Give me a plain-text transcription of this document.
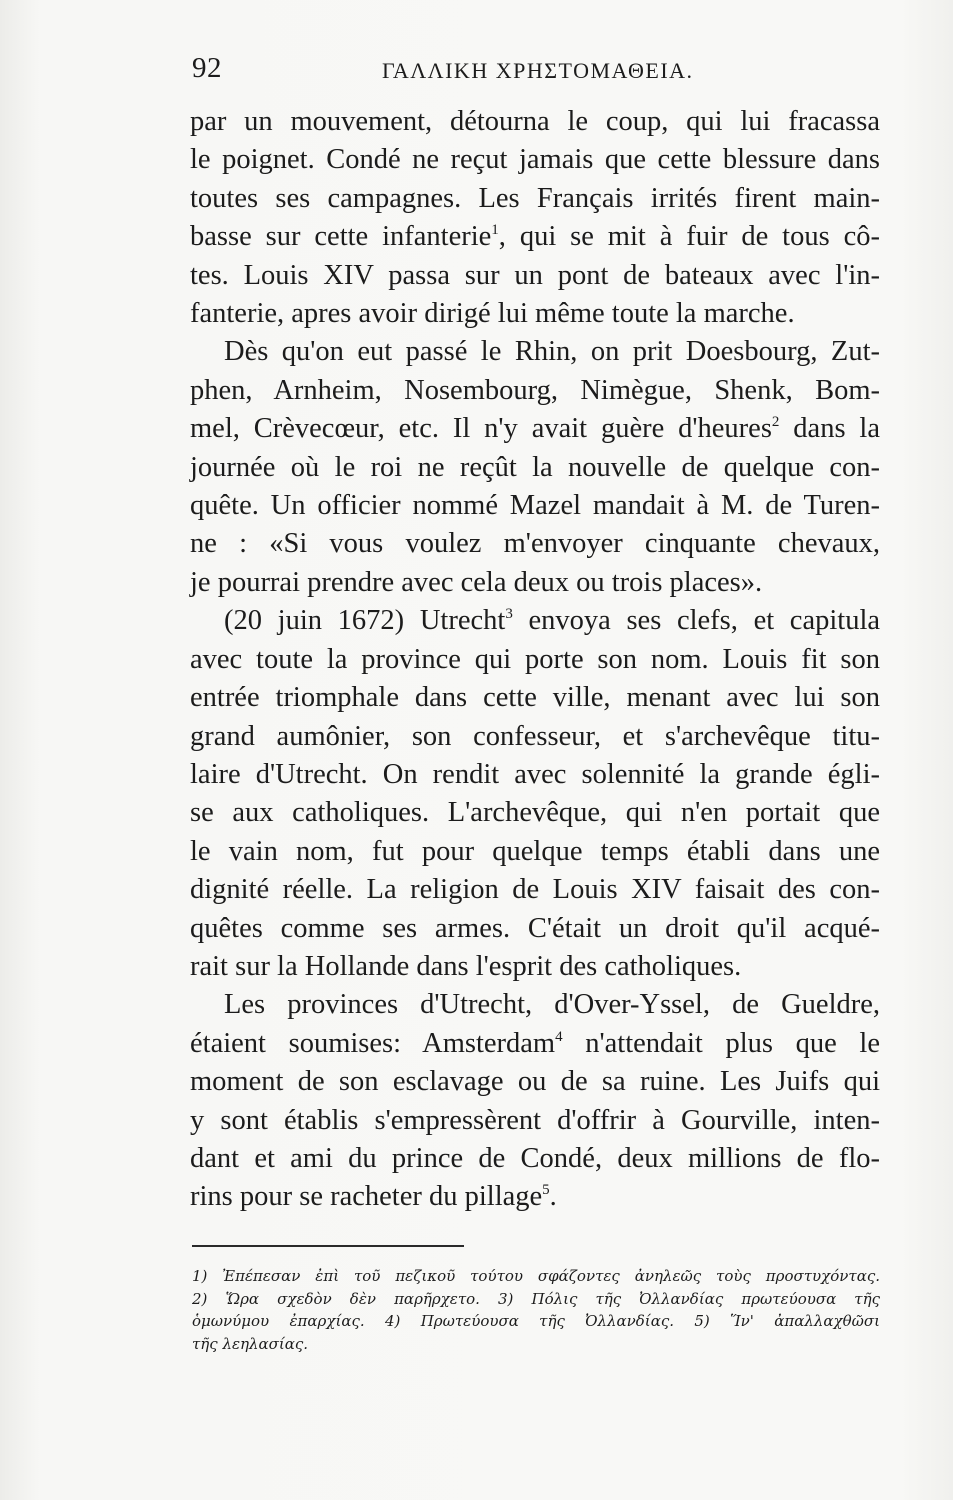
92	ΓΑΛΛΙΚΗ ΧΡΗΣΤΟΜΑΘΕΙΑ.

par un mouvement, détourna le coup, qui lui fracassa
le poignet. Condé ne reçut jamais que cette blessure dans
toutes ses campagnes. Les Français irrités firent main-
basse sur cette infanterie$^1$, qui se mit à fuir de tous cô-
tes. Louis XIV passa sur un pont de bateaux avec l'in-
fanterie, apres avoir dirigé lui même toute la marche.

Dès qu'on eut passé le Rhin, on prit Doesbourg, Zut-

phen, Arnheim, Nosembourg, Nimègue, Shenk, Bom-
mel, Crèvecœur, etc. Il n'y avait guère d'heures$^2$ dans la
journée où le roi ne reçût la nouvelle de quelque con-
quête. Un officier nommé Mazel mandait à M. de Turen-
ne : «Si vous voulez m'envoyer cinquante chevaux,
je pourrai prendre avec cela deux ou trois places».

(20 juin 1672) Utrecht$^3$ envoya ses clefs, et capitula

avec toute la province qui porte son nom. Louis fit son
entrée triomphale dans cette ville, menant avec lui son
grand aumônier, son confesseur, et s'archevêque titu-
laire d'Utrecht. On rendit avec solennité la grande égli-
se aux catholiques. L'archevêque, qui n'en portait que
le vain nom, fut pour quelque temps établi dans une
dignité réelle. La religion de Louis XIV faisait des con-
quêtes comme ses armes. C'était un droit qu'il acqué-
rait sur la Hollande dans l'esprit des catholiques.

Les provinces d'Utrecht, d'Over-Yssel, de Gueldre,

étaient soumises: Amsterdam$^4$ n'attendait plus que le
moment de son esclavage ou de sa ruine. Les Juifs qui
y sont établis s'empressèrent d'offrir à Gourville, inten-
dant et ami du prince de Condé, deux millions de flo-
rins pour se racheter du pillage$^5$.

1) Ἐπέπεσαν ἐπὶ τοῦ πεζικοῦ τούτου σφάζοντες ἀνηλεῶς τοὺς προστυχόντας.
2) Ὥρα σχεδὸν δὲν παρῆρχετο. 3) Πόλις τῆς Ὀλλανδίας πρωτεύουσα τῆς
ὁμωνύμου ἐπαρχίας. 4) Πρωτεύουσα τῆς Ὀλλανδίας. 5) Ἵν' ἀπαλλαχθῶσι
τῆς λεηλασίας.
